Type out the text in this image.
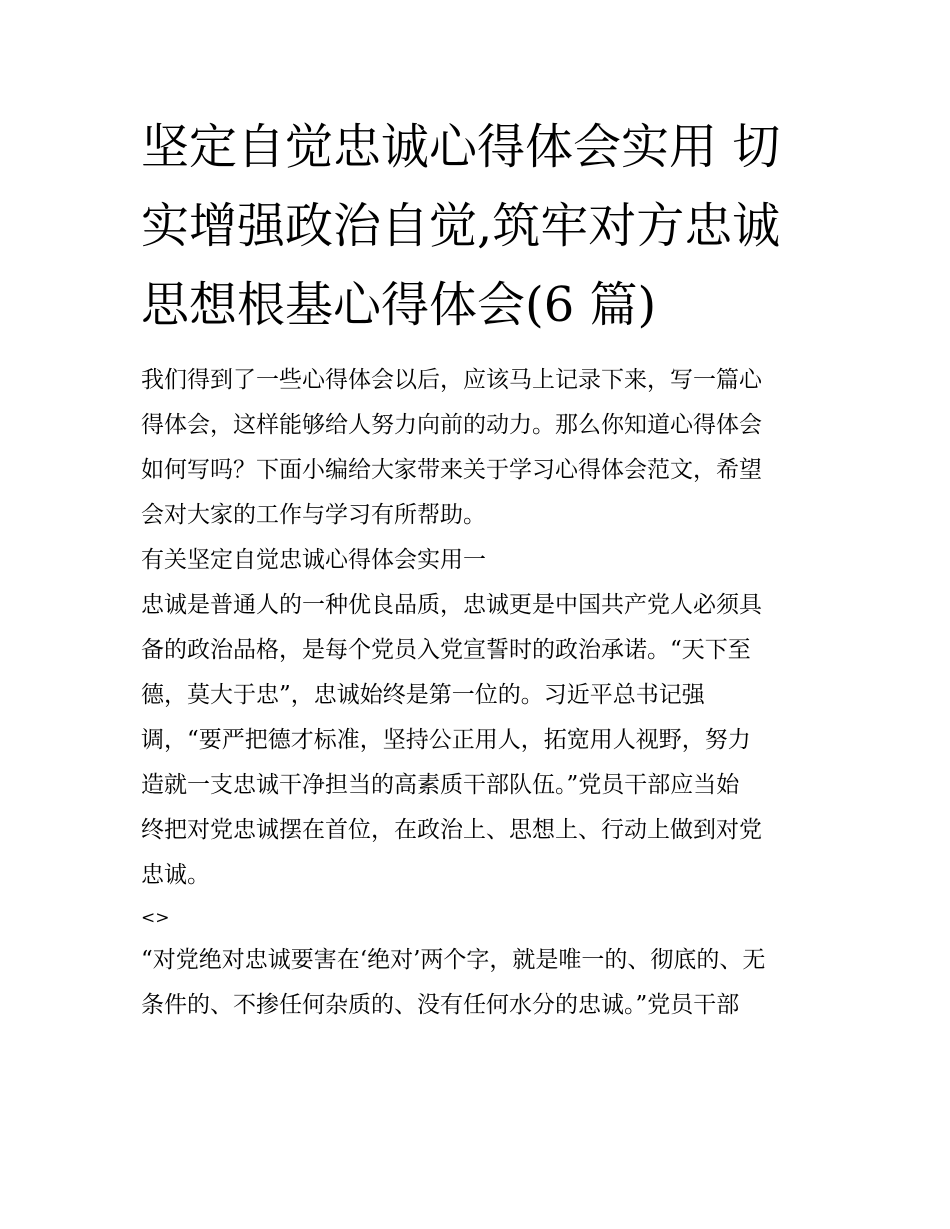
坚定自觉忠诚心得体会实用 切
实增强政治自觉,筑牢对方忠诚
思想根基心得体会(6 篇)
我们得到了一些心得体会以后，应该马上记录下来，写一篇心
得体会，这样能够给人努力向前的动力。那么你知道心得体会
如何写吗？下面小编给大家带来关于学习心得体会范文，希望
会对大家的工作与学习有所帮助。
有关坚定自觉忠诚心得体会实用一
忠诚是普通人的一种优良品质，忠诚更是中国共产党人必须具
备的政治品格，是每个党员入党宣誓时的政治承诺。“天下至
德，莫大于忠”，忠诚始终是第一位的。习近平总书记强
调，“要严把德才标准，坚持公正用人，拓宽用人视野，努力
造就一支忠诚干净担当的高素质干部队伍。”党员干部应当始
终把对党忠诚摆在首位，在政治上、思想上、行动上做到对党
忠诚。
<>
“对党绝对忠诚要害在‘绝对’两个字，就是唯一的、彻底的、无
条件的、不掺任何杂质的、没有任何水分的忠诚。”党员干部
